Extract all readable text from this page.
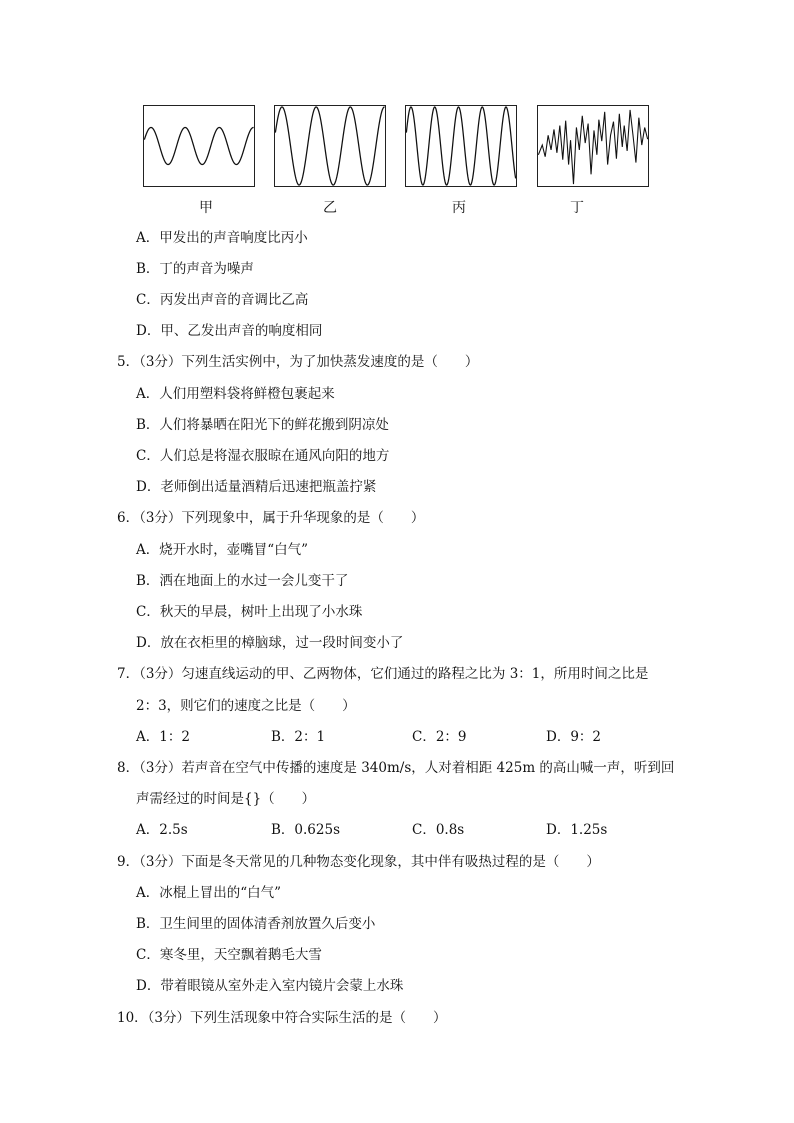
甲	乙	丙	丁
A．甲发出的声音响度比丙小
B．丁的声音为噪声
C．丙发出声音的音调比乙高
D．甲、乙发出声音的响度相同
5．（3分）下列生活实例中，为了加快蒸发速度的是（　　）
A．人们用塑料袋将鲜橙包裹起来
B．人们将暴晒在阳光下的鲜花搬到阴凉处
C．人们总是将湿衣服晾在通风向阳的地方
D．老师倒出适量酒精后迅速把瓶盖拧紧
6．（3分）下列现象中，属于升华现象的是（　　）
A．烧开水时，壶嘴冒“白气”
B．洒在地面上的水过一会儿变干了
C．秋天的早晨，树叶上出现了小水珠
D．放在衣柜里的樟脑球，过一段时间变小了
7．（3分）匀速直线运动的甲、乙两物体，它们通过的路程之比为 3：1，所用时间之比是
2：3，则它们的速度之比是（　　）
A．1：2	B．2：1	C．2：9	D．9：2
8．（3分）若声音在空气中传播的速度是 340m/s，人对着相距 425m 的高山喊一声，听到回
声需经过的时间是{}（　　）
A．2.5s	B．0.625s	C．0.8s	D．1.25s
9．（3分）下面是冬天常见的几种物态变化现象，其中伴有吸热过程的是（　　）
A．冰棍上冒出的“白气”
B．卫生间里的固体清香剂放置久后变小
C．寒冬里，天空飘着鹅毛大雪
D．带着眼镜从室外走入室内镜片会蒙上水珠
10．（3分）下列生活现象中符合实际生活的是（　　）
